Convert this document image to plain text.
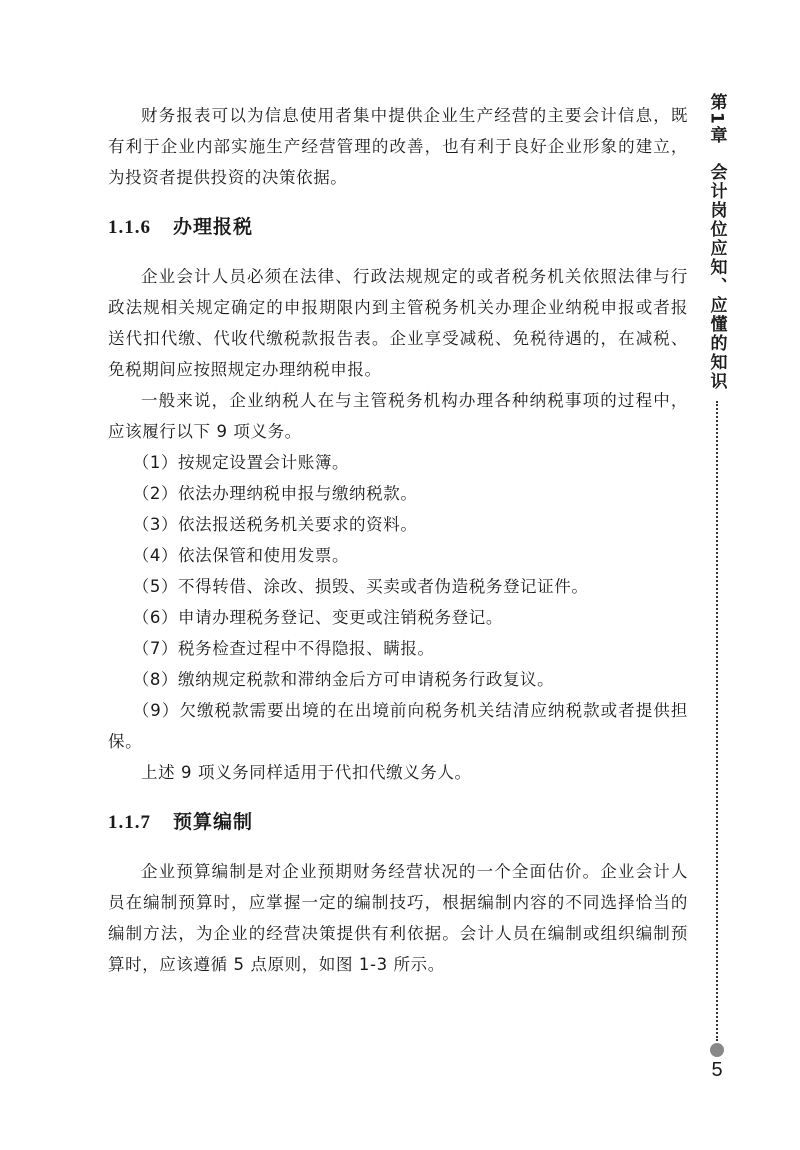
财务报表可以为信息使用者集中提供企业生产经营的主要会计信息，既有利于企业内部实施生产经营管理的改善，也有利于良好企业形象的建立，为投资者提供投资的决策依据。

1.1.6 办理报税

企业会计人员必须在法律、行政法规规定的或者税务机关依照法律与行政法规相关规定确定的申报期限内到主管税务机关办理企业纳税申报或者报送代扣代缴、代收代缴税款报告表。企业享受减税、免税待遇的，在减税、免税期间应按照规定办理纳税申报。

一般来说，企业纳税人在与主管税务机构办理各种纳税事项的过程中，应该履行以下 9 项义务。

（1）按规定设置会计账簿。

（2）依法办理纳税申报与缴纳税款。

（3）依法报送税务机关要求的资料。

（4）依法保管和使用发票。

（5）不得转借、涂改、损毁、买卖或者伪造税务登记证件。

（6）申请办理税务登记、变更或注销税务登记。

（7）税务检查过程中不得隐报、瞒报。

（8）缴纳规定税款和滞纳金后方可申请税务行政复议。

（9）欠缴税款需要出境的在出境前向税务机关结清应纳税款或者提供担保。

上述 9 项义务同样适用于代扣代缴义务人。

1.1.7 预算编制

企业预算编制是对企业预期财务经营状况的一个全面估价。企业会计人员在编制预算时，应掌握一定的编制技巧，根据编制内容的不同选择恰当的编制方法，为企业的经营决策提供有利依据。会计人员在编制或组织编制预算时，应该遵循 5 点原则，如图 1-3 所示。

第1章会计岗位应知、应懂的知识
5
